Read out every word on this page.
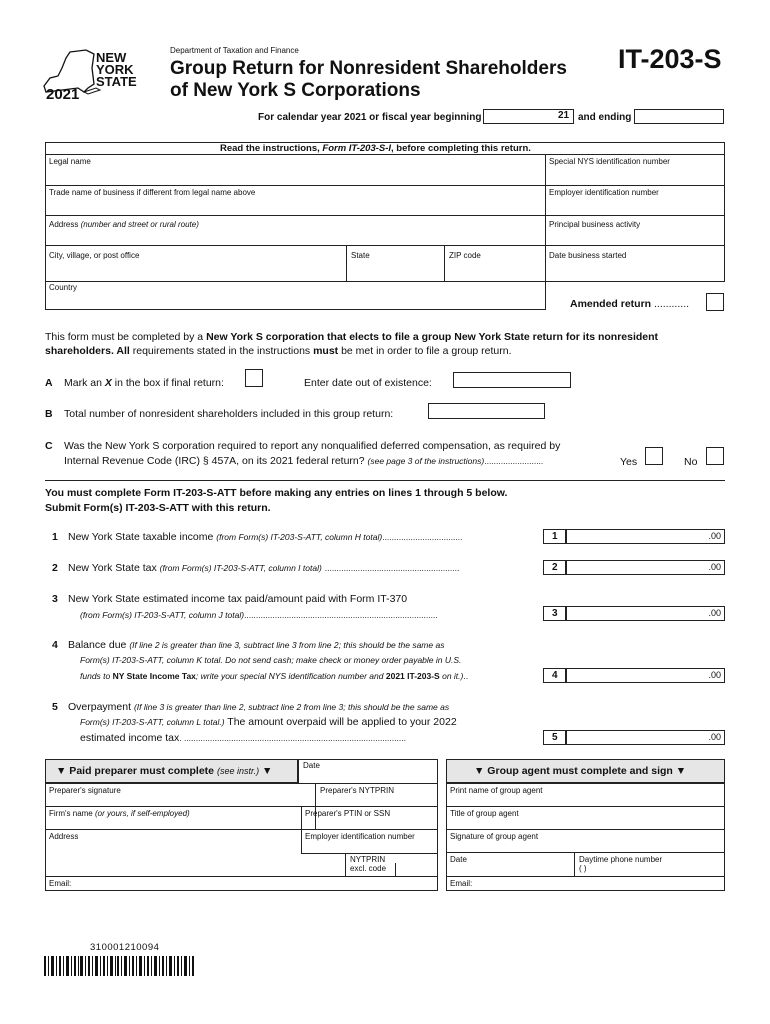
NEW
YORK
STATE
2021
Department of Taxation and Finance
Group Return for Nonresident Shareholders
of New York S Corporations
IT-203-S
For calendar year 2021 or fiscal year beginning	21 and ending
Read the instructions, Form IT-203-S-I, before completing this return.
Legal name	Special NYS identification number
Trade name of business if different from legal name above	Employer identification number
Address (number and street or rural route)	Principal business activity
City, village, or post office	State	ZIP code	Date business started
Country
Amended return ............
This form must be completed by a New York S corporation that elects to file a group New York State return for its nonresident
shareholders. All requirements stated in the instructions must be met in order to file a group return.
A Mark an X in the box if final return:	Enter date out of existence:
B Total number of nonresident shareholders included in this group return:
C Was the New York S corporation required to report any nonqualified deferred compensation, as required by
Internal Revenue Code (IRC) § 457A, on its 2021 federal return? (see page 3 of the instructions).........................	Yes	No
You must complete Form IT-203-S-ATT before making any entries on lines 1 through 5 below.
Submit Form(s) IT-203-S-ATT with this return.
1 New York State taxable income (from Form(s) IT-203-S-ATT, column H total)..................................	1	.00
2 New York State tax (from Form(s) IT-203-S-ATT, column I total) .........................................................	2	.00
3 New York State estimated income tax paid/amount paid with Form IT-370
(from Form(s) IT-203-S-ATT, column J total)..................................................................................	3	.00
4 Balance due (If line 2 is greater than line 3, subtract line 3 from line 2; this should be the same as
Form(s) IT-203-S-ATT, column K total. Do not send cash; make check or money order payable in U.S.
funds to NY State Income Tax; write your special NYS identification number and 2021 IT-203-S on it.)..	4	.00
5 Overpayment (If line 3 is greater than line 2, subtract line 2 from line 3; this should be the same as
Form(s) IT-203-S-ATT, column L total.) The amount overpaid will be applied to your 2022
estimated income tax. ..............................................................................................	5	.00
▼ Paid preparer must complete (see instr.) ▼	Date
Preparer's signature	Preparer's NYTPRIN
Firm's name (or yours, if self-employed)	Preparer's PTIN or SSN
Address	Employer identification number
NYTPRIN
excl. code
Email:
▼ Group agent must complete and sign ▼
Print name of group agent
Title of group agent
Signature of group agent
Date	Daytime phone number
( )
Email:
310001210094
